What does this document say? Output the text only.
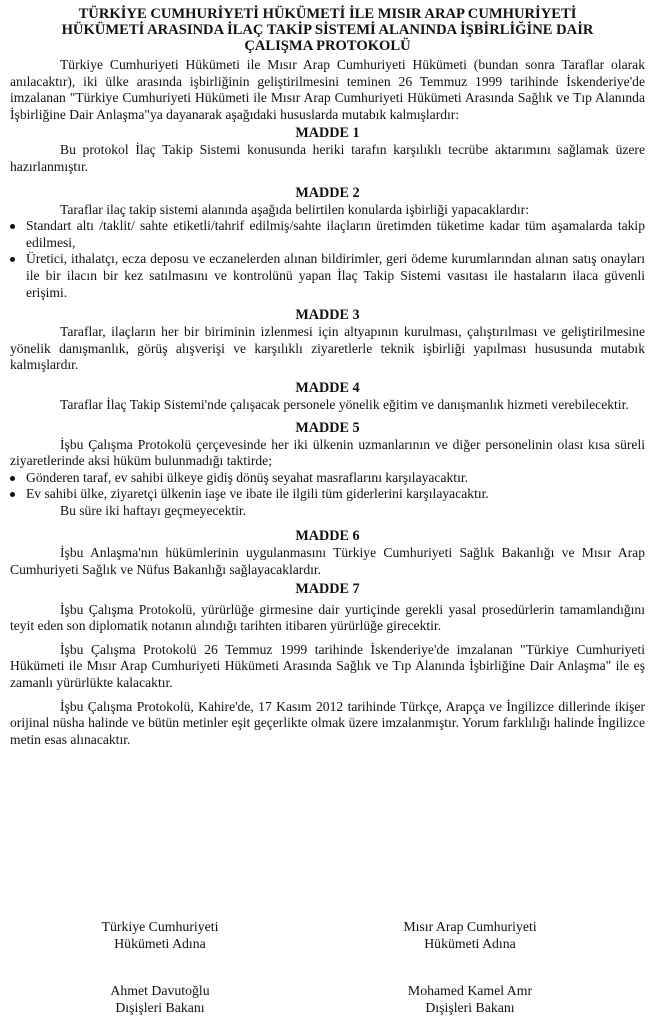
TÜRKİYE CUMHURİYETİ HÜKÜMETİ İLE MISIR ARAP CUMHURİYETİ
HÜKÜMETİ ARASINDA İLAÇ TAKİP SİSTEMİ ALANINDA İŞBİRLİĞİNE DAİR
ÇALIŞMA PROTOKOLÜ

Türkiye Cumhuriyeti Hükümeti ile Mısır Arap Cumhuriyeti Hükümeti (bundan sonra Taraflar olarak anılacaktır), iki ülke arasında işbirliğinin geliştirilmesini teminen 26 Temmuz 1999 tarihinde İskenderiye'de imzalanan "Türkiye Cumhuriyeti Hükümeti ile Mısır Arap Cumhuriyeti Hükümeti Arasında Sağlık ve Tıp Alanında İşbirliğine Dair Anlaşma"ya dayanarak aşağıdaki hususlarda mutabık kalmışlardır:

MADDE 1

Bu protokol İlaç Takip Sistemi konusunda heriki tarafın karşılıklı tecrübe aktarımını sağlamak üzere hazırlanmıştır.

MADDE 2

Taraflar ilaç takip sistemi alanında aşağıda belirtilen konularda işbirliği yapacaklardır:

Standart altı /taklit/ sahte etiketli/tahrif edilmiş/sahte ilaçların üretimden tüketime kadar tüm aşamalarda takip edilmesi,
Üretici, ithalatçı, ecza deposu ve eczanelerden alınan bildirimler, geri ödeme kurumlarından alınan satış onayları ile bir ilacın bir kez satılmasını ve kontrolünü yapan İlaç Takip Sistemi vasıtası ile hastaların ilaca güvenli erişimi.
MADDE 3

Taraflar, ilaçların her bir biriminin izlenmesi için altyapının kurulması, çalıştırılması ve geliştirilmesine yönelik danışmanlık, görüş alışverişi ve karşılıklı ziyaretlerle teknik işbirliği yapılması hususunda mutabık kalmışlardır.

MADDE 4

Taraflar İlaç Takip Sistemi'nde çalışacak personele yönelik eğitim ve danışmanlık hizmeti verebilecektir.

MADDE 5

İşbu Çalışma Protokolü çerçevesinde her iki ülkenin uzmanlarının ve diğer personelinin olası kısa süreli ziyaretlerinde aksi hüküm bulunmadığı taktirde;

Gönderen taraf, ev sahibi ülkeye gidiş dönüş seyahat masraflarını karşılayacaktır.
Ev sahibi ülke, ziyaretçi ülkenin iaşe ve ibate ile ilgili tüm giderlerini karşılayacaktır.

Bu süre iki haftayı geçmeyecektir.

MADDE 6

İşbu Anlaşma'nın hükümlerinin uygulanmasını Türkiye Cumhuriyeti Sağlık Bakanlığı ve Mısır Arap Cumhuriyeti Sağlık ve Nüfus Bakanlığı sağlayacaklardır.

MADDE 7

İşbu Çalışma Protokolü, yürürlüğe girmesine dair yurtiçinde gerekli yasal prosedürlerin tamamlandığını teyit eden son diplomatik notanın alındığı tarihten itibaren yürürlüğe girecektir.

İşbu Çalışma Protokolü 26 Temmuz 1999 tarihinde İskenderiye'de imzalanan "Türkiye Cumhuriyeti Hükümeti ile Mısır Arap Cumhuriyeti Hükümeti Arasında Sağlık ve Tıp Alanında İşbirliğine Dair Anlaşma" ile eş zamanlı yürürlükte kalacaktır.

İşbu Çalışma Protokolü, Kahire'de, 17 Kasım 2012 tarihinde Türkçe, Arapça ve İngilizce dillerinde ikişer orijinal nüsha halinde ve bütün metinler eşit geçerlikte olmak üzere imzalanmıştır. Yorum farklılığı halinde İngilizce metin esas alınacaktır.

Türkiye Cumhuriyeti
Hükümeti Adına
Ahmet Davutoğlu
Dışişleri Bakanı
Mısır Arap Cumhuriyeti
Hükümeti Adına
Mohamed Kamel Amr
Dışişleri Bakanı
